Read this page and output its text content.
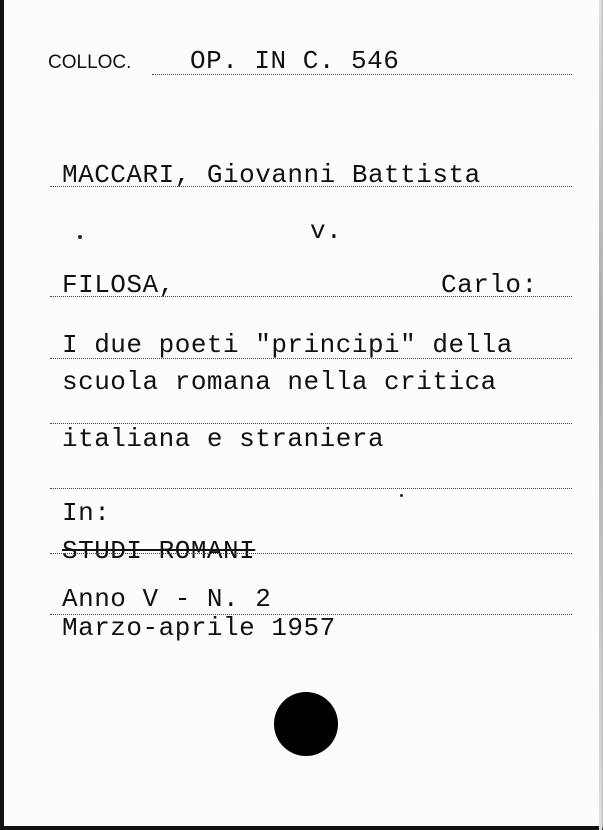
COLLOC. OP. IN C. 546
MACCARI, Giovanni Battista
v.
FILOSA,	Carlo:
I due poeti "principi" della
scuola romana nella critica
italiana e straniera
In:
STUDI ROMANI
Anno V - N. 2
Marzo-aprile 1957
